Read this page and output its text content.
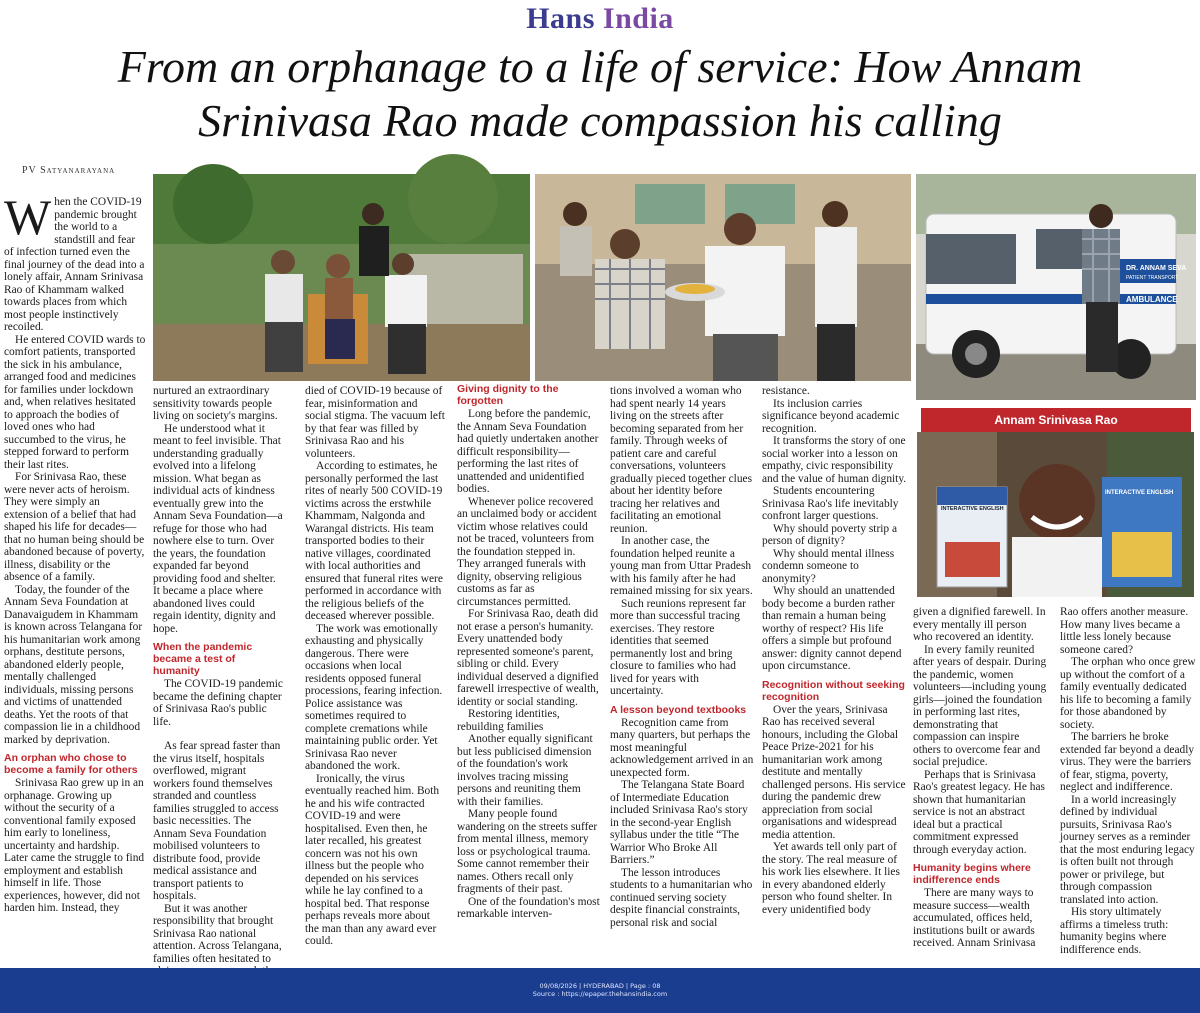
Hans India
From an orphanage to a life of service: How Annam
Srinivasa Rao made compassion his calling
PV Satyanarayana

When the COVID-19 pandemic brought the world to a standstill and fear of infection turned even the final journey of the dead into a lonely affair, Annam Srinivasa Rao of Khammam walked towards places from which most people instinctively recoiled.

He entered COVID wards to comfort patients, transported the sick in his ambulance, arranged food and medicines for families under lockdown and, when relatives hesitated to approach the bodies of loved ones who had succumbed to the virus, he stepped forward to perform their last rites.

For Srinivasa Rao, these were never acts of heroism. They were simply an extension of a belief that had shaped his life for decades—that no human being should be abandoned because of poverty, illness, disability or the absence of a family.

Today, the founder of the Annam Seva Foundation at Danavaigudem in Khammam is known across Telangana for his humanitarian work among orphans, destitute persons, abandoned elderly people, mentally challenged individuals, missing persons and victims of unattended deaths. Yet the roots of that compassion lie in a childhood marked by deprivation.

An orphan who chose to become a family for others

Srinivasa Rao grew up in an orphanage. Growing up without the security of a conventional family exposed him early to loneliness, uncertainty and hardship. Later came the struggle to find employment and establish himself in life. Those experiences, however, did not harden him. Instead, they

DR. ANNAM SEVA
PATIENT TRANSPORT
AMBULANCE
Annam Srinivasa Rao
INTERACTIVE ENGLISH
INTERACTIVE ENGLISH

nurtured an extraordinary sensitivity towards people living on society's margins.

He understood what it meant to feel invisible. That understanding gradually evolved into a lifelong mission. What began as individual acts of kindness eventually grew into the Annam Seva Foundation—a refuge for those who had nowhere else to turn. Over the years, the foundation expanded far beyond providing food and shelter. It became a place where abandoned lives could regain identity, dignity and hope.

When the pandemic became a test of humanity

The COVID-19 pandemic became the defining chapter of Srinivasa Rao's public life.

As fear spread faster than the virus itself, hospitals overflowed, migrant workers found themselves stranded and countless families struggled to access basic necessities. The Annam Seva Foundation mobilised volunteers to distribute food, provide medical assistance and transport patients to hospitals.

But it was another responsibility that brought Srinivasa Rao national attention. Across Telangana, families often hesitated to

died of COVID-19 because of fear, misinformation and social stigma. The vacuum left by that fear was filled by Srinivasa Rao and his volunteers.

According to estimates, he personally performed the last rites of nearly 500 COVID-19 victims across the erstwhile Khammam, Nalgonda and Warangal districts. His team transported bodies to their native villages, coordinated with local authorities and ensured that funeral rites were performed in accordance with the religious beliefs of the deceased wherever possible.

The work was emotionally exhausting and physically dangerous. There were occasions when local residents opposed funeral processions, fearing infection. Police assistance was sometimes required to complete cremations while maintaining public order. Yet Srinivasa Rao never abandoned the work.

Ironically, the virus eventually reached him. Both he and his wife contracted COVID-19 and were hospitalised. Even then, he later recalled, his greatest concern was not his own illness but the people who depended on his services while he lay confined to a hospital bed. That response perhaps reveals more about the man than any award ever could.

Giving dignity to the forgotten

Long before the pandemic, the Annam Seva Foundation had quietly undertaken another difficult responsibility—performing the last rites of unattended and unidentified bodies.

Whenever police recovered an unclaimed body or accident victim whose relatives could not be traced, volunteers from the foundation stepped in. They arranged funerals with dignity, observing religious customs as far as circumstances permitted.

For Srinivasa Rao, death did not erase a person's humanity. Every unattended body represented someone's parent, sibling or child. Every individual deserved a dignified farewell irrespective of wealth, identity or social standing.

Restoring identities, rebuilding families

Another equally significant but less publicised dimension of the foundation's work involves tracing missing persons and reuniting them with their families.

Many people found wandering on the streets suffer from mental illness, memory loss or psychological trauma. Some cannot remember their names. Others recall only fragments of their past.

One of the foundation's most remarkable interven-

tions involved a woman who had spent nearly 14 years living on the streets after becoming separated from her family. Through weeks of patient care and careful conversations, volunteers gradually pieced together clues about her identity before tracing her relatives and facilitating an emotional reunion.

In another case, the foundation helped reunite a young man from Uttar Pradesh with his family after he had remained missing for six years.

Such reunions represent far more than successful tracing exercises. They restore identities that seemed permanently lost and bring closure to families who had lived for years with uncertainty.

A lesson beyond textbooks

Recognition came from many quarters, but perhaps the most meaningful acknowledgement arrived in an unexpected form.

The Telangana State Board of Intermediate Education included Srinivasa Rao's story in the second-year English syllabus under the title “The Warrior Who Broke All Barriers.”

The lesson introduces students to a humanitarian who continued serving society despite financial constraints, personal risk and social

resistance.

Its inclusion carries significance beyond academic recognition.

It transforms the story of one social worker into a lesson on empathy, civic responsibility and the value of human dignity.

Students encountering Srinivasa Rao's life inevitably confront larger questions.

Why should poverty strip a person of dignity?

Why should mental illness condemn someone to anonymity?

Why should an unattended body become a burden rather than remain a human being worthy of respect? His life offers a simple but profound answer: dignity cannot depend upon circumstance.

Recognition without seeking recognition

Over the years, Srinivasa Rao has received several honours, including the Global Peace Prize-2021 for his humanitarian work among destitute and mentally challenged persons. His service during the pandemic drew appreciation from social organisations and widespread media attention.

Yet awards tell only part of the story. The real measure of his work lies elsewhere. It lies in every abandoned elderly person who found shelter. In every unidentified body

given a dignified farewell. In every mentally ill person who recovered an identity.

In every family reunited after years of despair. During the pandemic, women volunteers—including young girls—joined the foundation in performing last rites, demonstrating that compassion can inspire others to overcome fear and social prejudice.

Perhaps that is Srinivasa Rao's greatest legacy. He has shown that humanitarian service is not an abstract ideal but a practical commitment expressed through everyday action.

Humanity begins where indifference ends

There are many ways to measure success—wealth accumulated, offices held, institutions built or awards received. Annam Srinivasa

Rao offers another measure. How many lives became a little less lonely because someone cared?

The orphan who once grew up without the comfort of a family eventually dedicated his life to becoming a family for those abandoned by society.

The barriers he broke extended far beyond a deadly virus. They were the barriers of fear, stigma, poverty, neglect and indifference.

In a world increasingly defined by individual pursuits, Srinivasa Rao's journey serves as a reminder that the most enduring legacy is often built not through power or privilege, but through compassion translated into action.

His story ultimately affirms a timeless truth: humanity begins where indifference ends.

09/08/2026 | HYDERABAD | Page : 08
Source : https://epaper.thehansindia.com
